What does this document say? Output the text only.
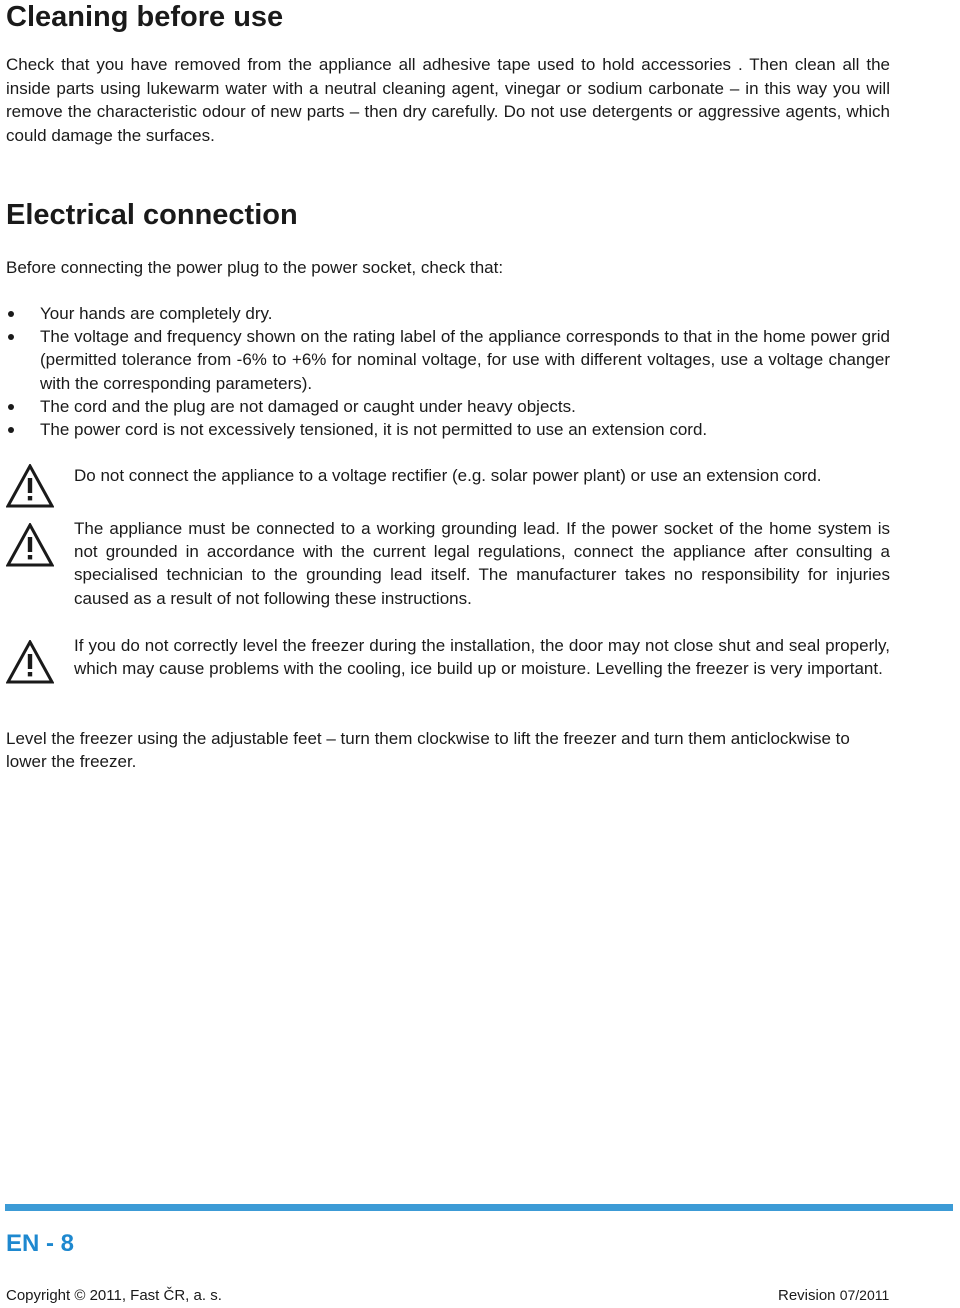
Cleaning before use

Check that you have removed from the appliance all adhesive tape used to hold accessories . Then clean all the inside parts using lukewarm water with a neutral cleaning agent, vinegar or sodium carbonate – in this way you will remove the characteristic odour of new parts – then dry carefully. Do not use detergents or aggressive agents, which could damage the surfaces.

Electrical connection

Before connecting the power plug to the power socket, check that:

Your hands are completely dry.
The voltage and frequency shown on the rating label of the appliance corresponds to that in the home power grid (permitted tolerance from -6% to +6% for nominal voltage, for use with different voltages, use a voltage changer with the corresponding parameters).
The cord and the plug are not damaged or caught under heavy objects.
The power cord is not excessively tensioned, it is not permitted to use an extension cord.

Do not connect the appliance to a voltage rectifier (e.g. solar power plant) or use an extension cord.

The appliance must be connected to a working grounding lead. If the power socket of the home system is not grounded in accordance with the current legal regulations, connect the appliance after consulting a specialised technician to the grounding lead itself. The manufacturer takes no responsibility for injuries caused as a result of not following these instructions.

If you do not correctly level the freezer during the installation, the door may not close shut and seal properly, which may cause problems with the cooling, ice build up or moisture. Levelling the freezer is very important.

Level the freezer using the adjustable feet – turn them clockwise to lift the freezer and turn them anticlockwise to lower the freezer.

EN - 8
Copyright © 2011, Fast ČR, a. s.	Revision 07/2011
